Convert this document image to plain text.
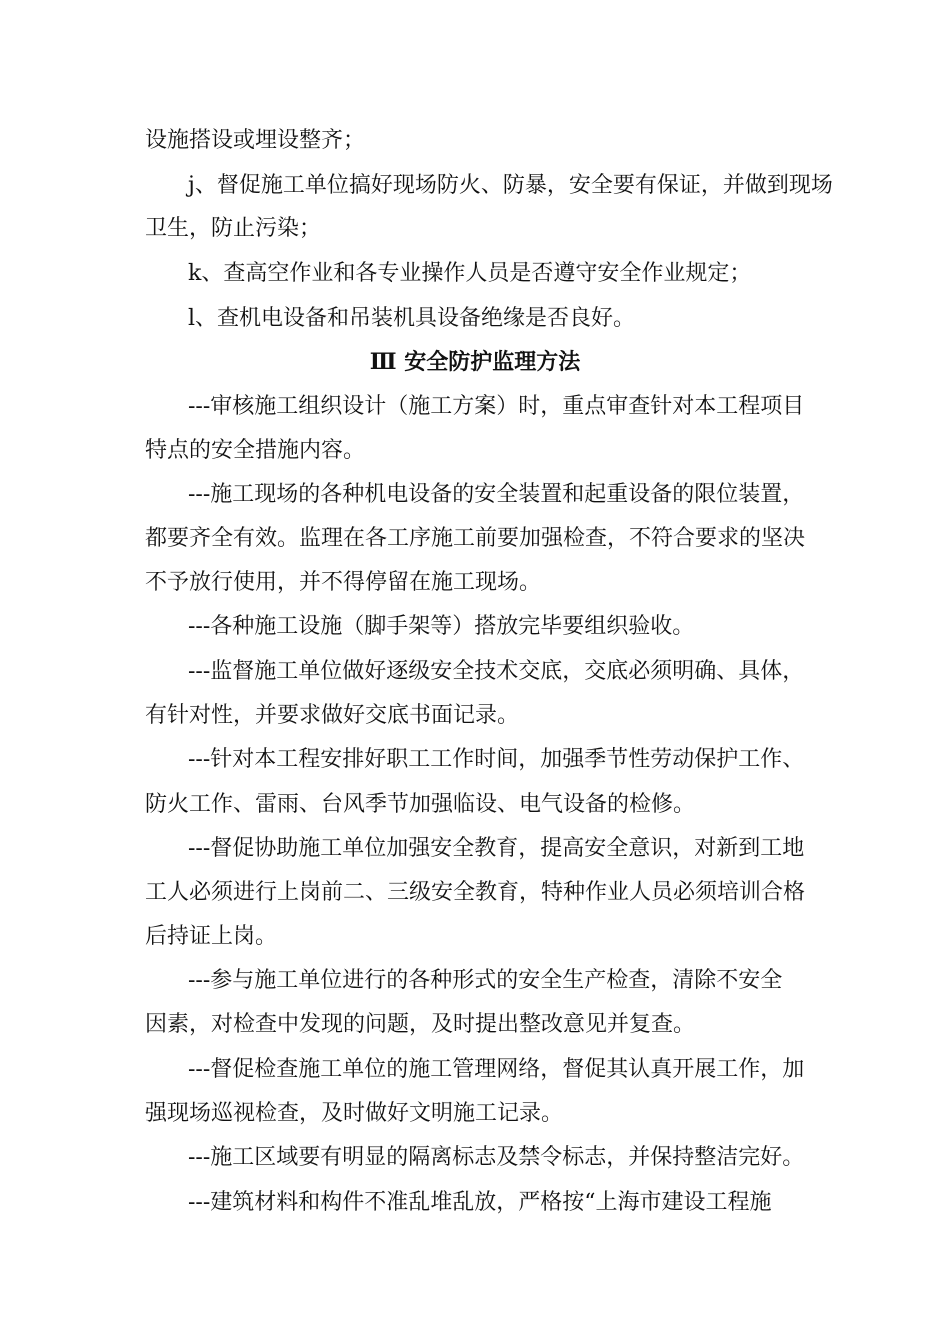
设施搭设或埋设整齐；
j、督促施工单位搞好现场防火、防暴，安全要有保证，并做到现场
卫生，防止污染；
k、查高空作业和各专业操作人员是否遵守安全作业规定；
l、查机电设备和吊装机具设备绝缘是否良好。
Ⅲ 安全防护监理方法
---审核施工组织设计（施工方案）时，重点审查针对本工程项目
特点的安全措施内容。
---施工现场的各种机电设备的安全装置和起重设备的限位装置，
都要齐全有效。监理在各工序施工前要加强检查，不符合要求的坚决
不予放行使用，并不得停留在施工现场。
---各种施工设施（脚手架等）搭放完毕要组织验收。
---监督施工单位做好逐级安全技术交底，交底必须明确、具体，
有针对性，并要求做好交底书面记录。
---针对本工程安排好职工工作时间，加强季节性劳动保护工作、
防火工作、雷雨、台风季节加强临设、电气设备的检修。
---督促协助施工单位加强安全教育，提高安全意识，对新到工地
工人必须进行上岗前二、三级安全教育，特种作业人员必须培训合格
后持证上岗。
---参与施工单位进行的各种形式的安全生产检查，清除不安全
因素，对检查中发现的问题，及时提出整改意见并复查。
---督促检查施工单位的施工管理网络，督促其认真开展工作，加
强现场巡视检查，及时做好文明施工记录。
---施工区域要有明显的隔离标志及禁令标志，并保持整洁完好。
---建筑材料和构件不准乱堆乱放，严格按“上海市建设工程施
